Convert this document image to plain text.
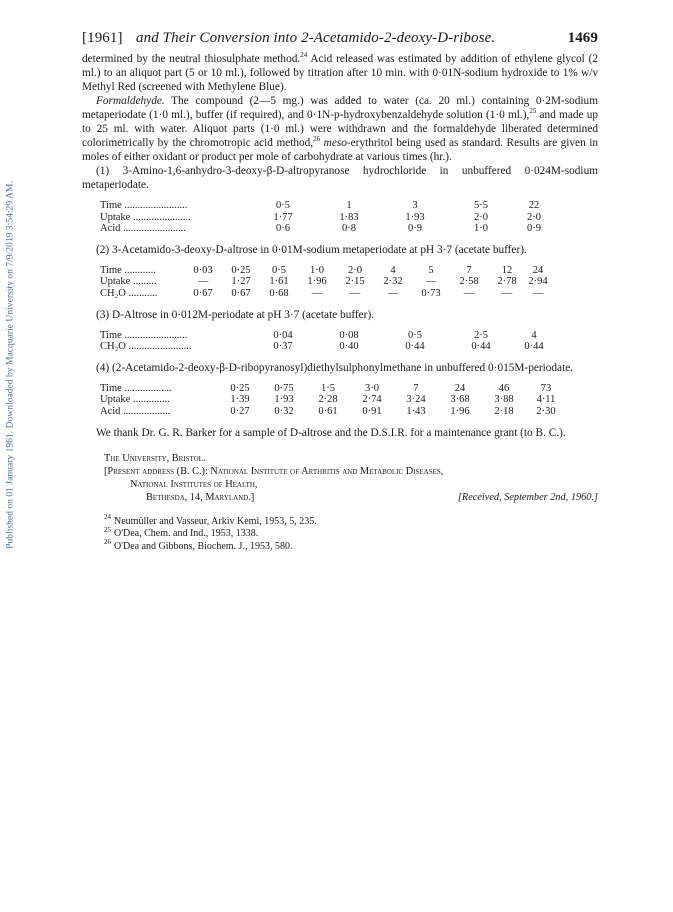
Published on 01 January 1961. Downloaded by Macquarie University on 7/9/2019 3:54:29 AM.
[1961] and Their Conversion into 2-Acetamido-2-deoxy-D-ribose.	1469

determined by the neutral thiosulphate method.$^{24}$ Acid released was estimated by addition of ethylene glycol (2 ml.) to an aliquot part (5 or 10 ml.), followed by titration after 10 min. with 0·01N-sodium hydroxide to 1% w/v Methyl Red (screened with Methylene Blue).

Formaldehyde. The compound (2—5 mg.) was added to water (ca. 20 ml.) containing 0·2M-sodium metaperiodate (1·0 ml.), buffer (if required), and 0·1N-p-hydroxybenzaldehyde solution (1·0 ml.),$^{25}$ and made up to 25 ml. with water. Aliquot parts (1·0 ml.) were withdrawn and the formaldehyde liberated determined colorimetrically by the chromotropic acid method,$^{26}$ meso-erythritol being used as standard. Results are given in moles of either oxidant or product per mole of carbohydrate at various times (hr.).

(1) 3-Amino-1,6-anhydro-3-deoxy-β-D-altropyranose hydrochloride in unbuffered 0·024M-sodium metaperiodate.

Time ........................	0·5	1	3	5·5	22
Uptake ......................	1·77	1·83	1·93	2·0	2·0
Acid ........................	0·6	0·8	0·9	1·0	0·9

(2) 3-Acetamido-3-deoxy-D-altrose in 0·01M-sodium metaperiodate at pH 3·7 (acetate buffer).

Time ............	0·03	0·25	0·5	1·0	2·0	4	5	7	12	24
Uptake .........	—	1·27	1·61	1·96	2·15	2·32	—	2·58	2·78	2·94
CH₂O ...........	0·67	0·67	0·68	—	—	—	0·73	—	—	—

(3) D-Altrose in 0·012M-periodate at pH 3·7 (acetate buffer).

Time ........................	0·04	0·08	0·5	2·5	4
CH₂O ........................	0·37	0·40	0·44	0·44	0·44

(4) (2-Acetamido-2-deoxy-β-D-ribopyranosyl)diethylsulphonylmethane in unbuffered 0·015M-periodate.

Time ..................	0·25	0·75	1·5	3·0	7	24	46	73
Uptake ..............	1·39	1·93	2·28	2·74	3·24	3·68	3·88	4·11
Acid ..................	0·27	0·32	0·61	0·91	1·43	1·96	2·18	2·30

We thank Dr. G. R. Barker for a sample of D-altrose and the D.S.I.R. for a maintenance grant (to B. C.).

The University, Bristol.
[Present address (B. C.): National Institute of Arthritis and Metabolic Diseases,
National Institutes of Health,
Bethesda, 14, Maryland.]	[Received, September 2nd, 1960.]
$^{24}$ Neumüller and Vasseur, Arkiv Kemi, 1953, 5, 235.
$^{25}$ O'Dea, Chem. and Ind., 1953, 1338.
$^{26}$ O'Dea and Gibbons, Biochem. J., 1953, 580.
